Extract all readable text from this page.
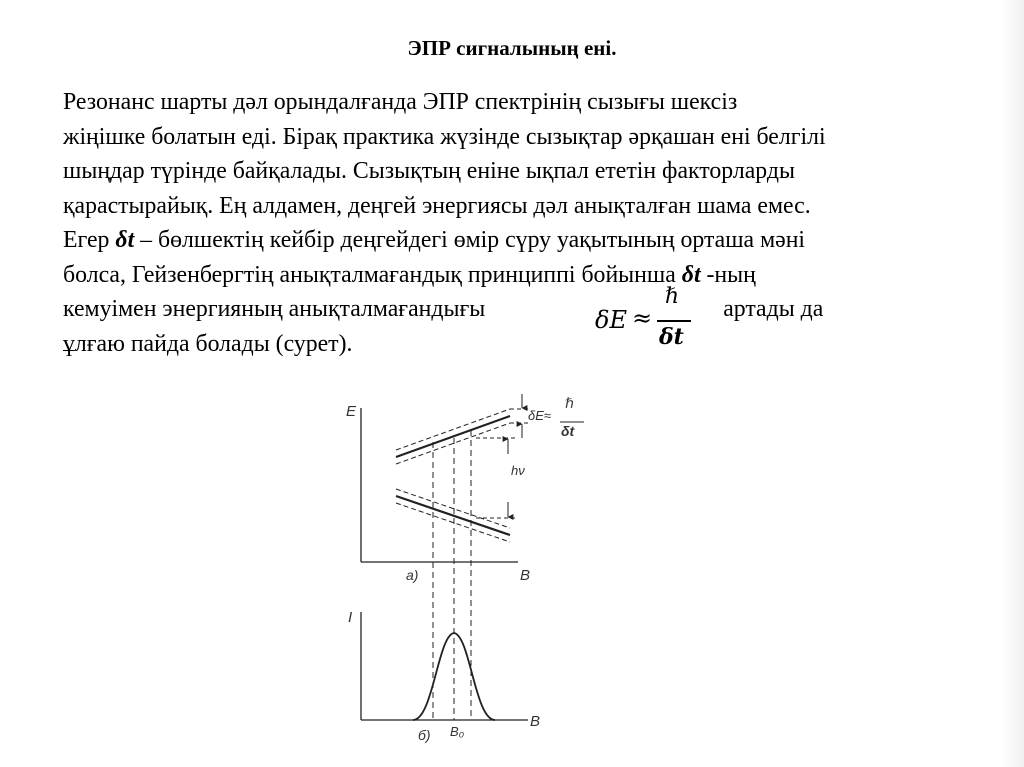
ЭПР сигналының ені.
Резонанс шарты дәл орындалғанда ЭПР спектрінің сызығы шексіз
жіңішке болатын еді. Бірақ практика жүзінде сызықтар әрқашан ені белгілі
шыңдар түрінде байқалады. Сызықтың еніне ықпал ететін факторларды
қарастырайық. Ең алдамен, деңгей энергиясы дәл анықталған шама емес.
Егер δt – бөлшектің кейбір деңгейдегі өмір сүру уақытының орташа мәні
болса, Гейзенбергтің анықталмағандық принциппі бойынша δt -ның
кемуімен энергияның анықталмағандығы	артады да
ұлғаю пайда болады (сурет).
δE ≈
ℏ
δt
E
B
а)
I
B
б) B₀
hν
δE≈
ℏ
δt
